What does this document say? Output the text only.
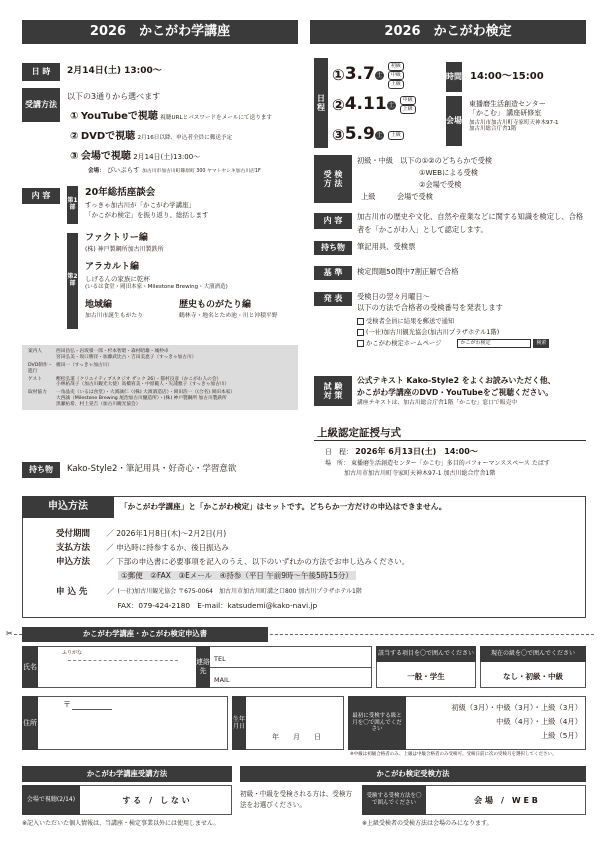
2026　かこがわ学講座
日 時	2月14日(土) 13:00〜
受講方法
以下の3通りから選べます
① YouTubeで視聴 視聴URLとパスワードをメールにて送ります
② DVDで視聴 2月16日以降、申込者全員に郵送予定
③ 会場で視聴 2月14日(土)13:00〜
会場： びいぷらす 加古川市加古川町篠原町 300 ヤマトヤシキ加古川店1F
内 容
第1部
20年総括座談会
すっきゃ加古川が「かこがわ学講座」
「かこがわ検定」を振り返り、総括します
第2部
ファクトリー編
(株) 神戸製鋼所加古川製鉄所
アラカルト編
しげるんの家族に乾杯
(いるは食堂・岡田本家・Milestone Brewing・大濱酒造)
地域編
加古川市誕生もがたり
歴史ものがたり編
鶴林寺・地名とため池・川と沖積平野
案内人	西田昌弘・岩坂嶺一郎・杉本智昭・森村昭雄・城仲卓
宮田弘美・坂口勝洋・加藤武比古・吉田美恵子（すっきゃ加古川）
DVD制作・進行
榎田一（すっきゃ加古川）
ゲスト	樫松弘道（クリエイティブスタジオ ザック 26）・都村良彦（かこがわ人の会）
小林祐哉子（加古川観光大使）高橋宥美・中原範人・矢浦雅子（すっきゃ加古川）
取材協力	一角晶史（いるは食堂）・大濱誠仁（(株) 大濱酒造店）・岡田浩一（(合名) 岡田本家）
大西誠（Milestone Brewing 尾治加古川醸造所）・(株) 神戸製鋼所 加古川製鉄所
黒瀬祐希、村上晃吉（加古川観光協会）
持ち物	Kako-Style2・筆記用具・好奇心・学習意欲
2026　かこがわ検定
日程
① 3.7 土
初級
中級
上級
② 4.11 土
中級
上級
③ 5.9 土	上級
時間 14:00〜15:00
会場
東播磨生活創造センター
「かこむ」 講座研修室
加古川市加古川町寺家町天神木97-1
加古川総合庁舎1階
受 検 方 法
初級・中級　以下の①②のどちらかで受検
①WEBによる受検
②会場で受検
上級　　　会場で受検
内 容	加古川市の歴史や文化、自然や産業などに関する知識を検定し、合格者を「かこがわ人」として認定します。
持ち物	筆記用具、受検票
基 準	検定問題50問中7割正解で合格
発 表	受検日の翌々月曜日〜
以下の方法で合格者の受検番号を発表します
受検者全員に結果を郵送で通知
(一社)加古川観光協会(加古川プラザホテル1階)
かこがわ検定ホームページ	かこがわ検定	検索
試 験 対 策
公式テキスト Kako-Style2 をよくお読みいただく他、
かこがわ学講座のDVD・YouTubeをご視聴ください。
講座テキストは、加古川総合庁舎1階「かこむ」窓口で販売中
上級認定証授与式
日　程： 2026年 6月13日(土)　14:00〜
場　所： 東播磨生活創造センター「かこむ」多目的パフォーマンススペース たばす
加古川市加古川町寺家町天神木97-1 加古川総合庁舎1階
申込方法	「かこがわ学講座」と「かこがわ検定」はセットです。どちらか一方だけの申込はできません。
受付期間 ／ 2026年1月8日(木)〜2月2日(月)
支払方法 ／ 申込時に持参するか、後日振込み
申込方法 ／ 下部の申込書に必要事項を記入のうえ、以下のいずれかの方法でお申し込みください。
①郵便　②FAX　③Eメール　④持参（平日 午前9時〜午後5時15分）
申 込 先	／ (一社)加古川観光協会 〒675-0064　加古川市加古川町溝之口800 加古川プラザホテル1階
FAX：079-424-2180　E-mail：katsudemi@kako-navi.jp
✂	かこがわ学講座・かこがわ検定申込書
氏名
ふりがな
連絡先
TEL
MAIL
該当する項目を〇で囲んでください
一般・学生
現在の級を〇で囲んでください
なし・初級・中級
住所
〒
生年月日
年　　月　　日
最初に受検する級と月を〇で囲んでください
初級（3月）・中級（3月）・上級（3月）
中級（4月）・上級（4月）
上級（5月）
※中級は初級合格者のみ、上級は中級合格者のみ受検可。受検日前に次の受検月を選択してください。
かこがわ学講座受講方法
会場で視聴(2/14)	す る　/　し な い
かこがわ検定受検方法
初級・中級を受検される方は、受検方法をお選びください。
受験する受検方法を〇で囲んでください	会 場　/　W E B
※記入いただいた個人情報は、当講座・検定事業以外には使用しません。	※上級受検者の受検方法は会場のみになります。
